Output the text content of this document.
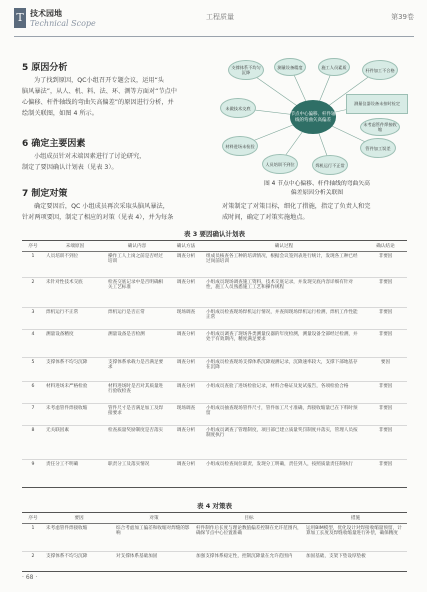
T 技术园地
Technical Scope
工程质量	第39卷
5 原因分析
为了找到原因，QC小组召开专题会议，运用“头
脑风暴法”，从人、机、料、法、环、测等方面对“节点中
心偏移、杆件轴线的弯曲矢高偏差”的原因进行分析，并
绘制关联图，如图 4 所示。
6 确定主要因素
小组成员针对末端因素进行了讨论研究，
制定了要因确认计划表（见表 3）。
7 制定对策
确定要因后，QC 小组成员再次采取头脑风暴法，
针对两项要因，制定了相应的对策（见表 4），并为每条
对策制定了对策目标，细化了措施，指定了负责人和完
成时间，确定了对策实施地点。
支撑体系不均匀沉降
测量设备精度	施工人员素质
杆件加工不合格
未做技术交底
材料进场未检验
人员培训不到位	焊机运行不正常
管件加工误差
未考虑管件焊接收缩
测量仪器设备未按时检定
节点中心偏移、杆件轴线的弯曲矢高偏差
图 4 节点中心偏移、杆件轴线的弯曲矢高
偏差原因分析关联图
表 3 要因确认计划表
序号	末端原因	确认内容	确认方法	确认过程	确认结论
1	人员培训不到位	操作工人上岗之前是否经过培训	调查分析	组成员核查各工种的培训情况，根据会议签到表进行统计，发现各工种已经过岗前培训	非要因
2	未针对性技术交底	检查交底记录中是否明确相关工艺标准	调查分析	小组成员现场调查施工资料，技术交底记录，并发现交底内容详细有针对性，施工人员熟悉施工工艺和操作规程	非要因
3	焊机运行不正常	焊机运行是否正常	现场调查	小组成员检查现场焊机运行情况，并查阅现场焊机运行检测，焊机工作性能正常	非要因
4	测量设备精度	测量设备是否检测	调查分析	小组成员调查了现场各类测量仪器的年度检测，测量设备全部经过检测，并处于有效期内，精度满足要求	非要因
5	支撑体系不均匀沉降	支撑体系承载力是否满足要求	调查分析	小组成员检查现场支撑体系沉降观测记录，沉降速率较大，支撑下部地基存在沉降	要因
6	材料进场未严格检验	材料进场时是否对其质量进行验收检查	调查分析	小组成员查验了进场检验记录，材料合格证及复试报告，各项检验合格	非要因
7	未考虑管件焊接收缩	管件尺寸是否满足加工及焊接要求	现场调查	小组成员抽查现场管件尺寸，管件加工尺寸准确，焊接收缩量已在下料时预留	非要因
8	无关联因素	检查质量奖励制度是否落实	调查分析	小组成员调查了管理制度，项目部已建立质量奖罚制度并落实，管理人员按制度执行	非要因
9	责任分工不明确	职责分工及落实情况	调查分析	小组成员检查岗位职责，发现分工明确，责任到人，按照质量责任制执行	非要因
表 4 对策表
序号	要因	对策	目标	措施
1	未考虑管件焊接收缩	综合考虑加工偏差和收缩对焊缝的影响	杆件制作后长度与理论数值偏差控制在允许范围内，确保节点中心位置准确	运用BIM模型，优化设计对焊接收缩量预留，计算加工长度及焊缝收缩量进行补偿，确保精度
2	支撑体系不均匀沉降	对支撑体系基础加固	加强支撑体系稳定性，控制沉降量在允许范围内	加固基础，支架下垫设厚垫板
· 68 ·
